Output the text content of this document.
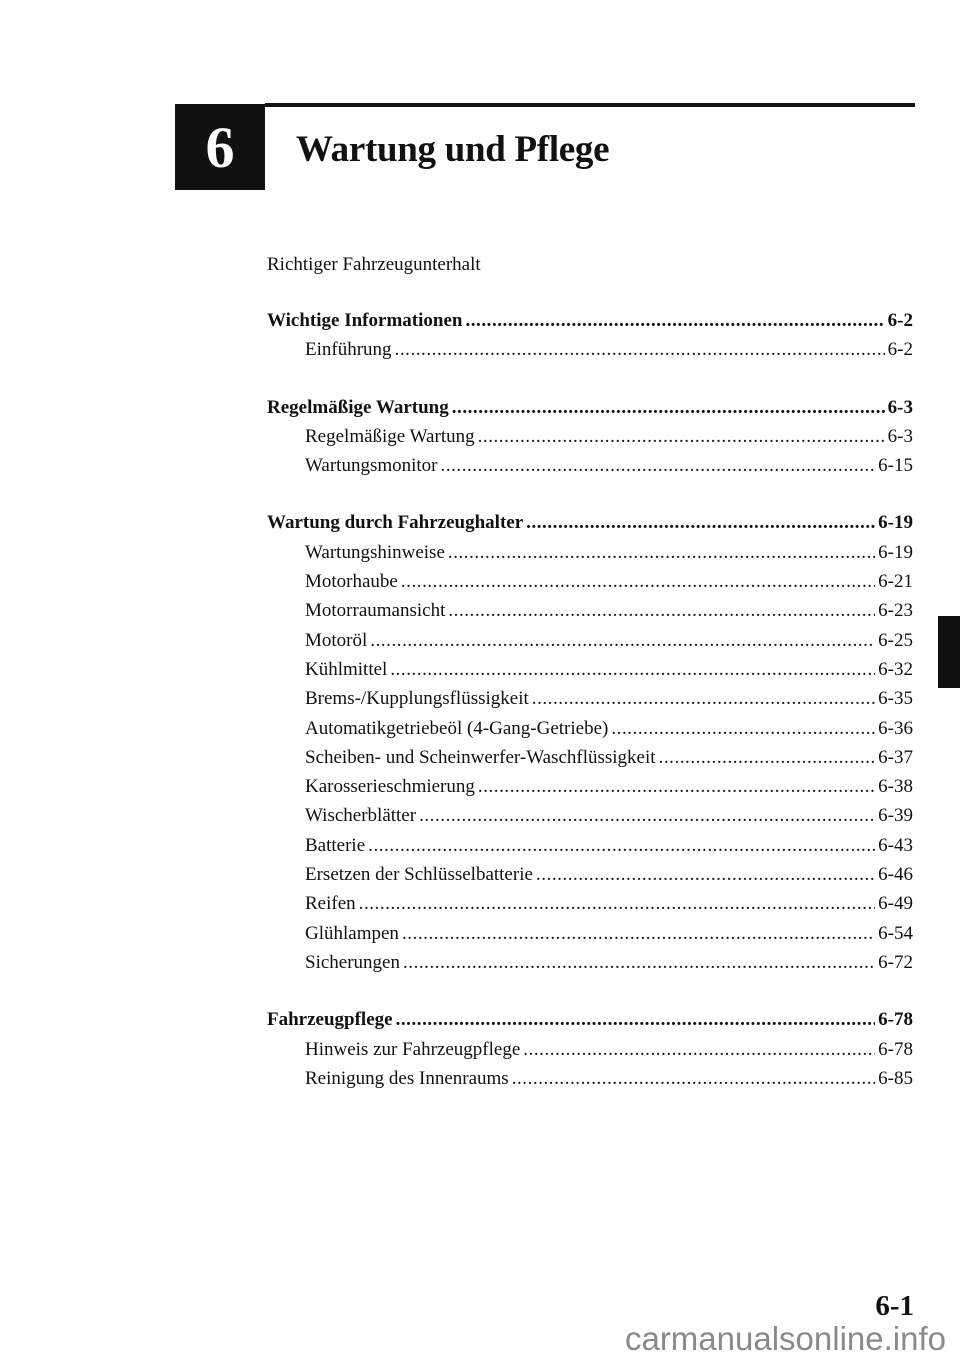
6 Wartung und Pflege
Richtiger Fahrzeugunterhalt
Wichtige Informationen . . .	6-2
Einführung . . .	6-2
Regelmäßige Wartung . . .	6-3
Regelmäßige Wartung . . .	6-3
Wartungsmonitor . . .	6-15
Wartung durch Fahrzeughalter . . .	6-19
Wartungshinweise . . .	6-19
Motorhaube . . .	6-21
Motorraumansicht . . .	6-23
Motoröl . . .	6-25
Kühlmittel . . .	6-32
Brems-/Kupplungsflüssigkeit . . .	6-35
Automatikgetriebeöl (4-Gang-Getriebe) . . .	6-36
Scheiben- und Scheinwerfer-Waschflüssigkeit . . .	6-37
Karosserieschmierung . . .	6-38
Wischerblätter . . .	6-39
Batterie . . .	6-43
Ersetzen der Schlüsselbatterie . . .	6-46
Reifen . . .	6-49
Glühlampen . . .	6-54
Sicherungen . . .	6-72
Fahrzeugpflege . . .	6-78
Hinweis zur Fahrzeugpflege . . .	6-78
Reinigung des Innenraums . . .	6-85
6-1
carmanualsonline.info
